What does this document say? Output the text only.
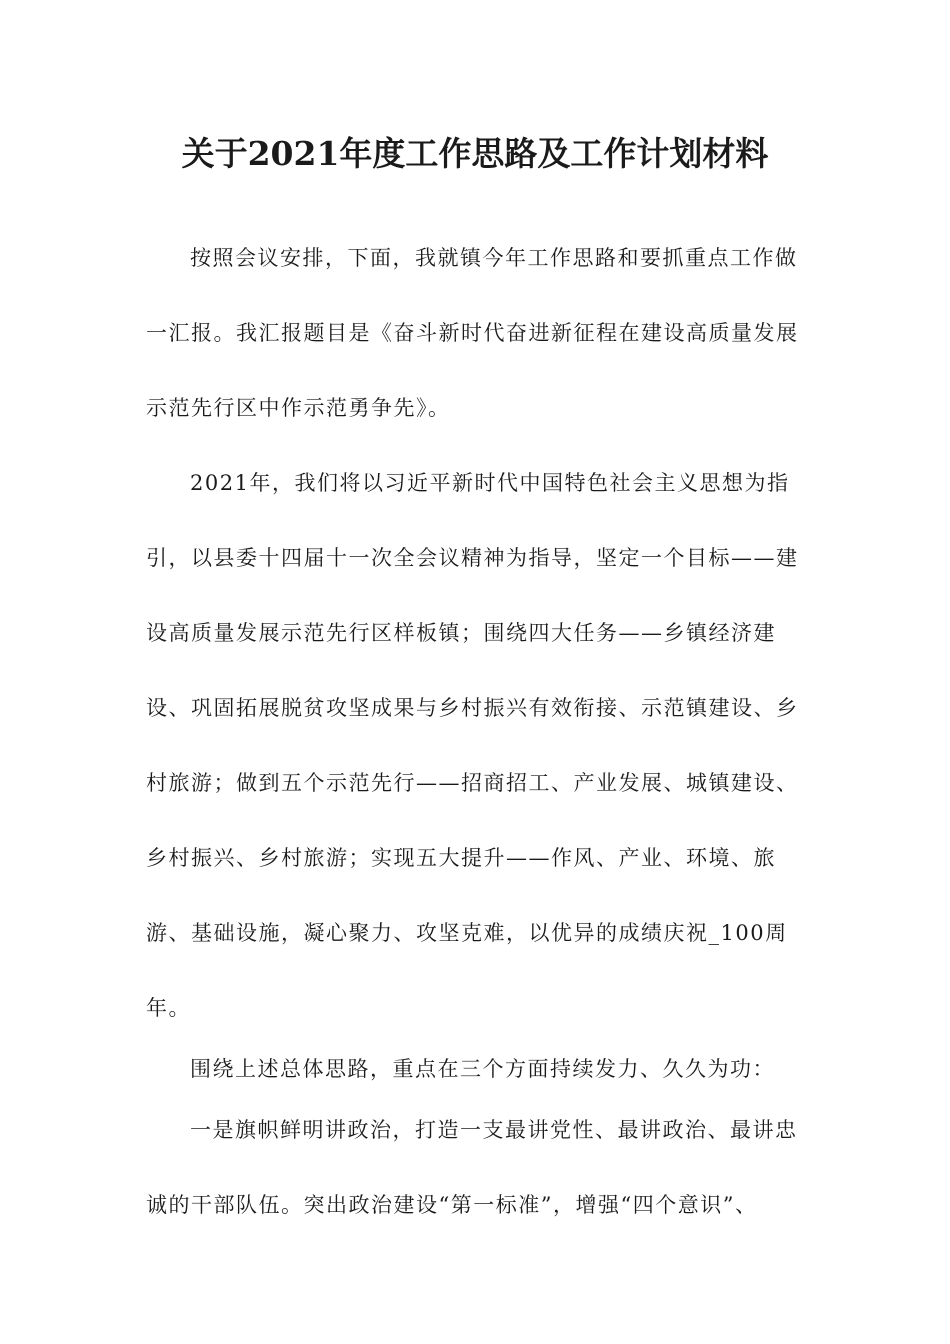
关于2021年度工作思路及工作计划材料
按照会议安排，下面，我就镇今年工作思路和要抓重点工作做
一汇报。我汇报题目是《奋斗新时代奋进新征程在建设高质量发展
示范先行区中作示范勇争先》。
2021年，我们将以习近平新时代中国特色社会主义思想为指
引，以县委十四届十一次全会议精神为指导，坚定一个目标——建
设高质量发展示范先行区样板镇；围绕四大任务——乡镇经济建
设、巩固拓展脱贫攻坚成果与乡村振兴有效衔接、示范镇建设、乡
村旅游；做到五个示范先行——招商招工、产业发展、城镇建设、
乡村振兴、乡村旅游；实现五大提升——作风、产业、环境、旅
游、基础设施，凝心聚力、攻坚克难，以优异的成绩庆祝_100周
年。
围绕上述总体思路，重点在三个方面持续发力、久久为功：
一是旗帜鲜明讲政治，打造一支最讲党性、最讲政治、最讲忠
诚的干部队伍。突出政治建设“第一标准”，增强“四个意识”、
